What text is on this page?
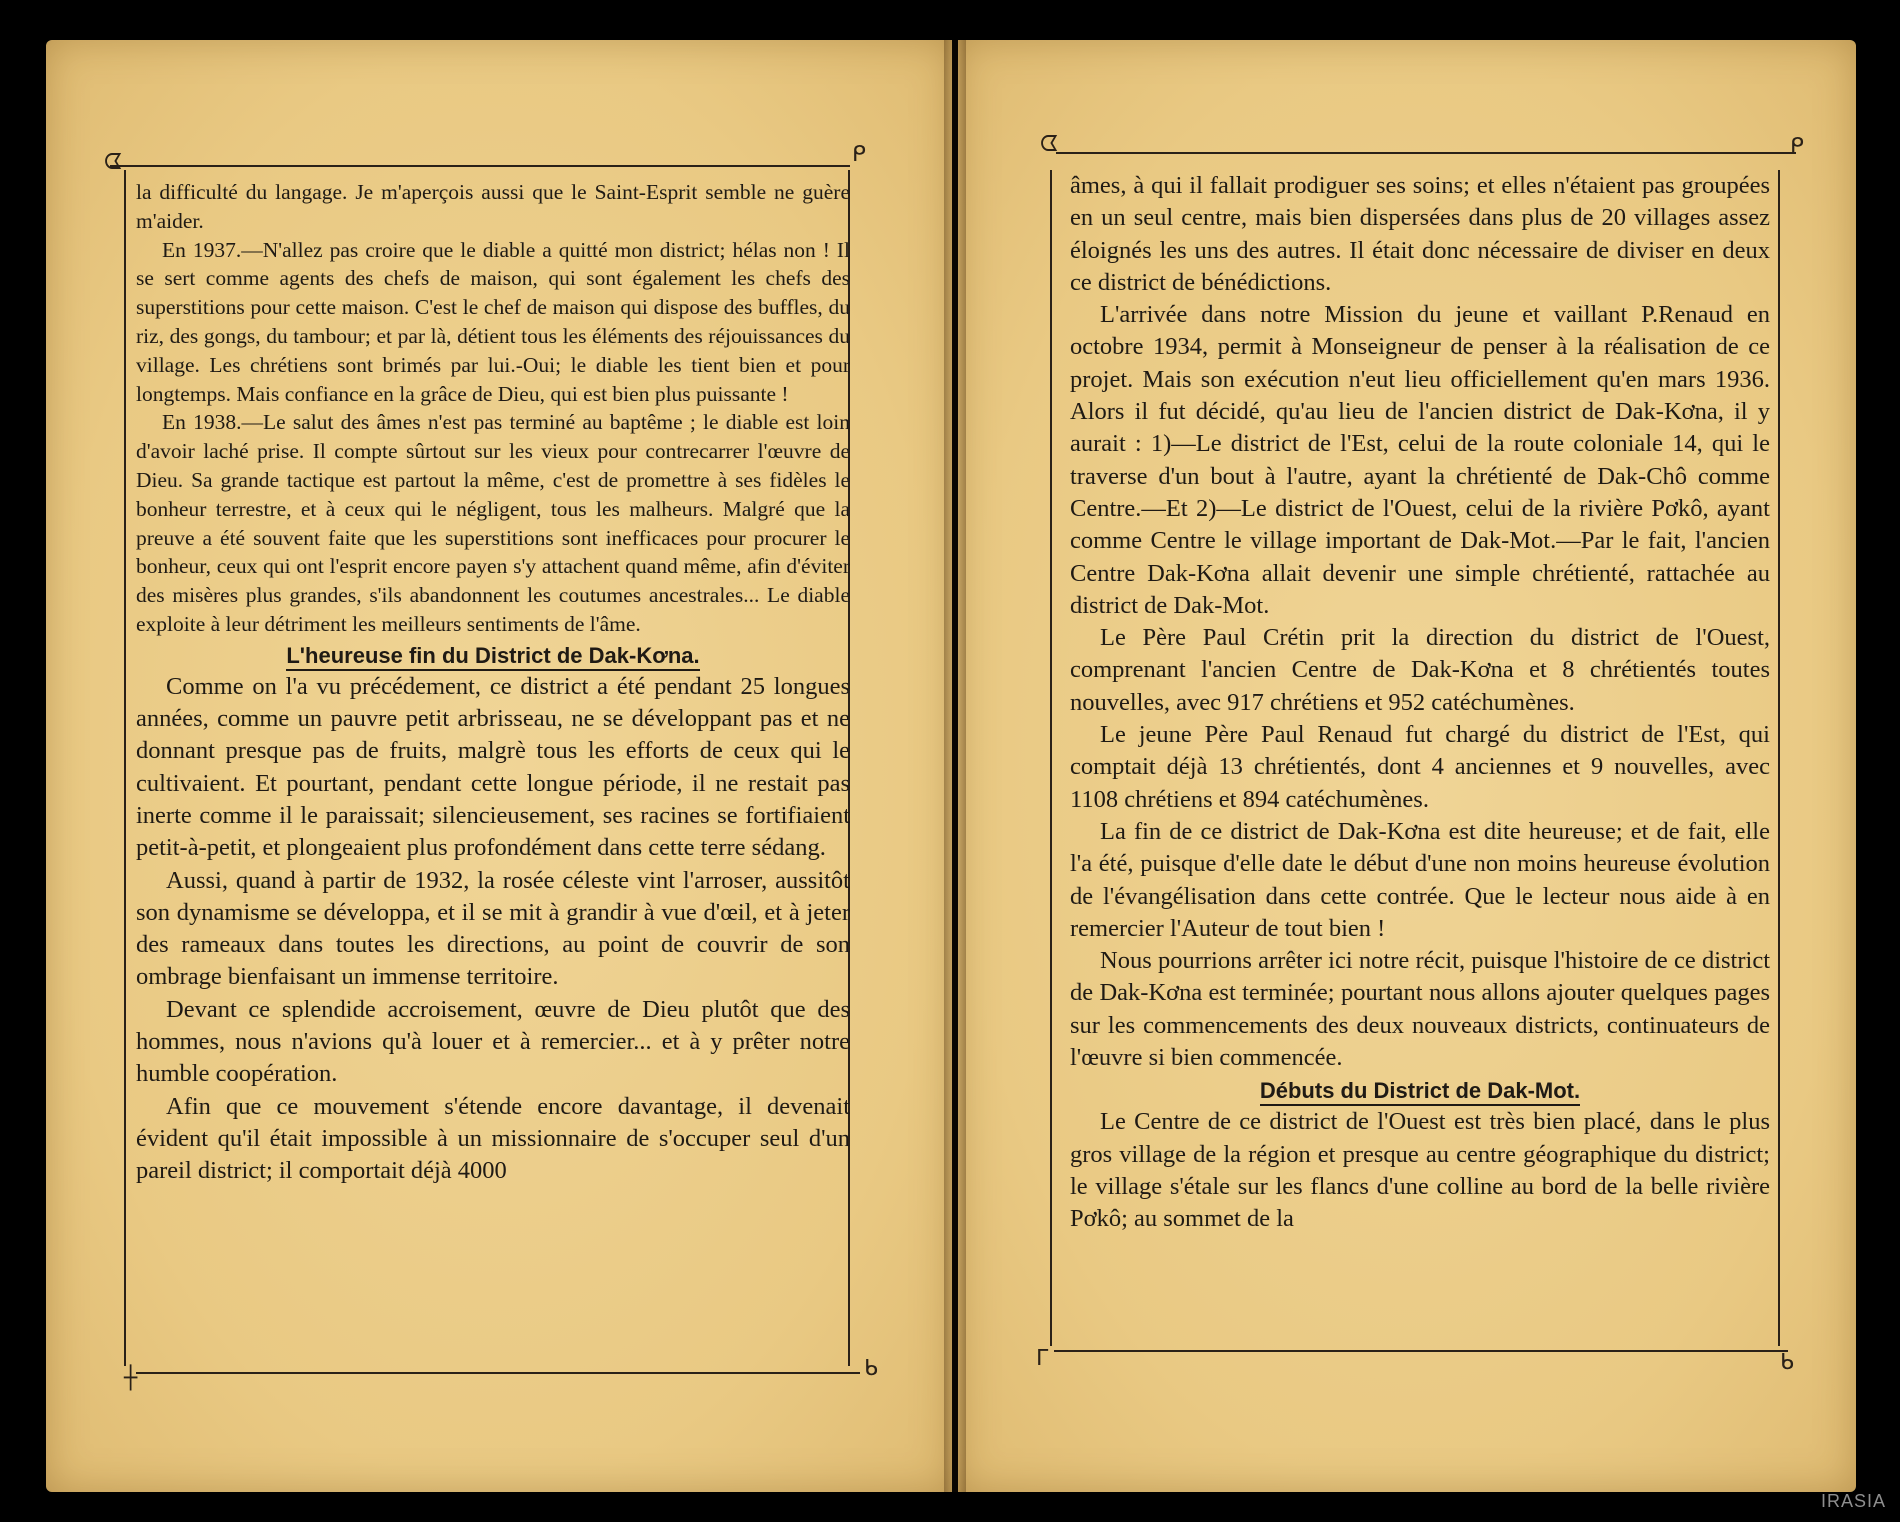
ᗧ	ᑭ
┼	ᑲ
ᗧ	ᑭ
ᒥ	ᑲ

la difficulté du langage. Je m'aperçois aussi que le Saint-Esprit semble ne guère m'aider.

En 1937.—N'allez pas croire que le diable a quitté mon district; hélas non ! Il se sert comme agents des chefs de maison, qui sont également les chefs des superstitions pour cette maison. C'est le chef de maison qui dispose des buffles, du riz, des gongs, du tambour; et par là, détient tous les éléments des réjouissances du village. Les chrétiens sont brimés par lui.-Oui; le diable les tient bien et pour longtemps. Mais confiance en la grâce de Dieu, qui est bien plus puissante !

En 1938.—Le salut des âmes n'est pas terminé au baptême ; le diable est loin d'avoir laché prise. Il compte sûrtout sur les vieux pour contrecarrer l'œuvre de Dieu. Sa grande tactique est partout la même, c'est de promettre à ses fidèles le bonheur terrestre, et à ceux qui le négligent, tous les malheurs. Malgré que la preuve a été souvent faite que les superstitions sont inefficaces pour procurer le bonheur, ceux qui ont l'esprit encore payen s'y attachent quand même, afin d'éviter des misères plus grandes, s'ils abandonnent les coutumes ancestrales... Le diable exploite à leur détriment les meilleurs sentiments de l'âme.

L'heureuse fin du District de Dak-Kơna.

Comme on l'a vu précédement, ce district a été pendant 25 longues années, comme un pauvre petit arbrisseau, ne se développant pas et ne donnant presque pas de fruits, malgrè tous les efforts de ceux qui le cultivaient. Et pourtant, pendant cette longue période, il ne restait pas inerte comme il le paraissait; silencieusement, ses racines se fortifiaient petit-à-petit, et plongeaient plus profondément dans cette terre sédang.

Aussi, quand à partir de 1932, la rosée céleste vint l'arroser, aussitôt son dynamisme se développa, et il se mit à grandir à vue d'œil, et à jeter des rameaux dans toutes les directions, au point de couvrir de son ombrage bienfaisant un immense territoire.

Devant ce splendide accroisement, œuvre de Dieu plutôt que des hommes, nous n'avions qu'à louer et à remercier... et à y prêter notre humble coopération.

Afin que ce mouvement s'étende encore davantage, il devenait évident qu'il était impossible à un missionnaire de s'occuper seul d'un pareil district; il comportait déjà 4000

âmes, à qui il fallait prodiguer ses soins; et elles n'étaient pas groupées en un seul centre, mais bien dispersées dans plus de 20 villages assez éloignés les uns des autres. Il était donc nécessaire de diviser en deux ce district de bénédictions.

L'arrivée dans notre Mission du jeune et vaillant P.Renaud en octobre 1934, permit à Monseigneur de penser à la réalisation de ce projet. Mais son exécution n'eut lieu officiellement qu'en mars 1936. Alors il fut décidé, qu'au lieu de l'ancien district de Dak-Kơna, il y aurait : 1)—Le district de l'Est, celui de la route coloniale 14, qui le traverse d'un bout à l'autre, ayant la chrétienté de Dak-Chô comme Centre.—Et 2)—Le district de l'Ouest, celui de la rivière Pơkô, ayant comme Centre le village important de Dak-Mot.—Par le fait, l'ancien Centre Dak-Kơna allait devenir une simple chrétienté, rattachée au district de Dak-Mot.

Le Père Paul Crétin prit la direction du district de l'Ouest, comprenant l'ancien Centre de Dak-Kơna et 8 chrétientés toutes nouvelles, avec 917 chrétiens et 952 catéchumènes.

Le jeune Père Paul Renaud fut chargé du district de l'Est, qui comptait déjà 13 chrétientés, dont 4 anciennes et 9 nouvelles, avec 1108 chrétiens et 894 catéchumènes.

La fin de ce district de Dak-Kơna est dite heureuse; et de fait, elle l'a été, puisque d'elle date le début d'une non moins heureuse évolution de l'évangélisation dans cette contrée. Que le lecteur nous aide à en remercier l'Auteur de tout bien !

Nous pourrions arrêter ici notre récit, puisque l'histoire de ce district de Dak-Kơna est terminée; pourtant nous allons ajouter quelques pages sur les commencements des deux nouveaux districts, continuateurs de l'œuvre si bien commencée.

Débuts du District de Dak-Mot.

Le Centre de ce district de l'Ouest est très bien placé, dans le plus gros village de la région et presque au centre géographique du district; le village s'étale sur les flancs d'une colline au bord de la belle rivière Pơkô; au sommet de la

IRASIA
